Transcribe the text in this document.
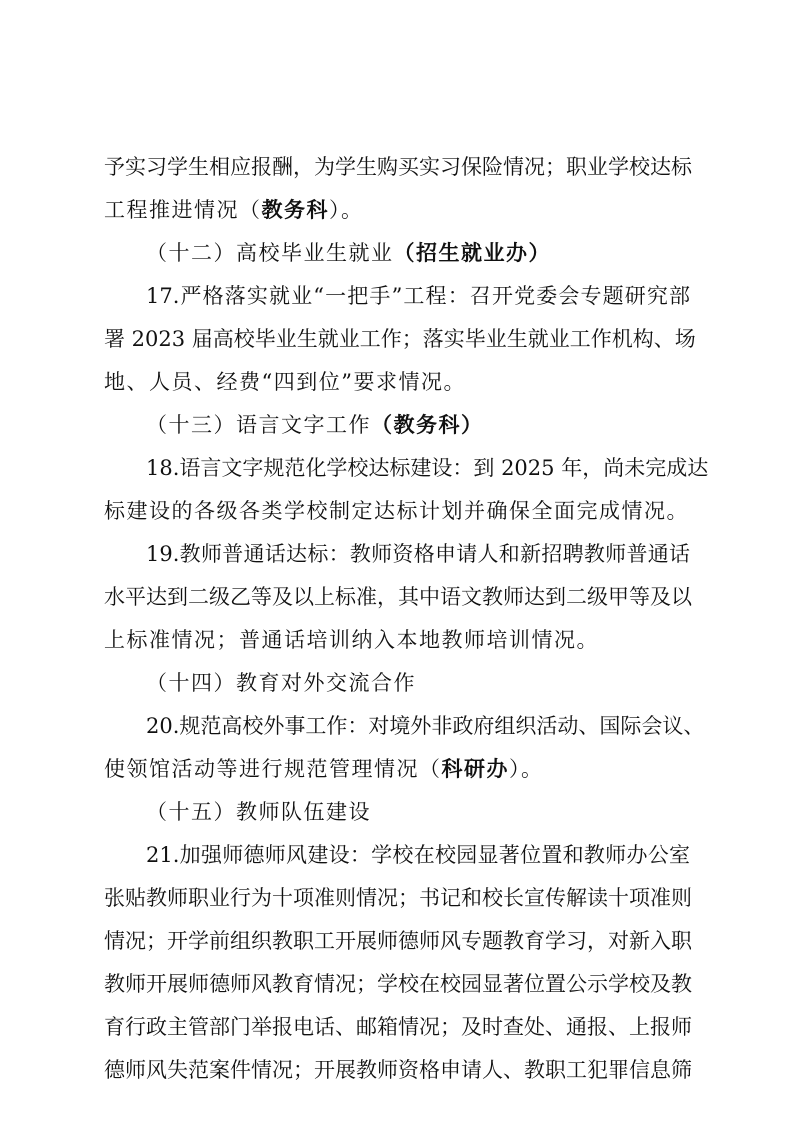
予实习学生相应报酬，为学生购买实习保险情况；职业学校达标
工程推进情况（教务科）。
（十二）高校毕业生就业（招生就业办）
17.严格落实就业“一把手”工程：召开党委会专题研究部
署 2023 届高校毕业生就业工作；落实毕业生就业工作机构、场
地、人员、经费“四到位”要求情况。
（十三）语言文字工作（教务科）
18.语言文字规范化学校达标建设：到 2025 年，尚未完成达
标建设的各级各类学校制定达标计划并确保全面完成情况。
19.教师普通话达标：教师资格申请人和新招聘教师普通话
水平达到二级乙等及以上标准，其中语文教师达到二级甲等及以
上标准情况；普通话培训纳入本地教师培训情况。
（十四）教育对外交流合作
20.规范高校外事工作：对境外非政府组织活动、国际会议、
使领馆活动等进行规范管理情况（科研办）。
（十五）教师队伍建设
21.加强师德师风建设：学校在校园显著位置和教师办公室
张贴教师职业行为十项准则情况；书记和校长宣传解读十项准则
情况；开学前组织教职工开展师德师风专题教育学习，对新入职
教师开展师德师风教育情况；学校在校园显著位置公示学校及教
育行政主管部门举报电话、邮箱情况；及时查处、通报、上报师
德师风失范案件情况；开展教师资格申请人、教职工犯罪信息筛
